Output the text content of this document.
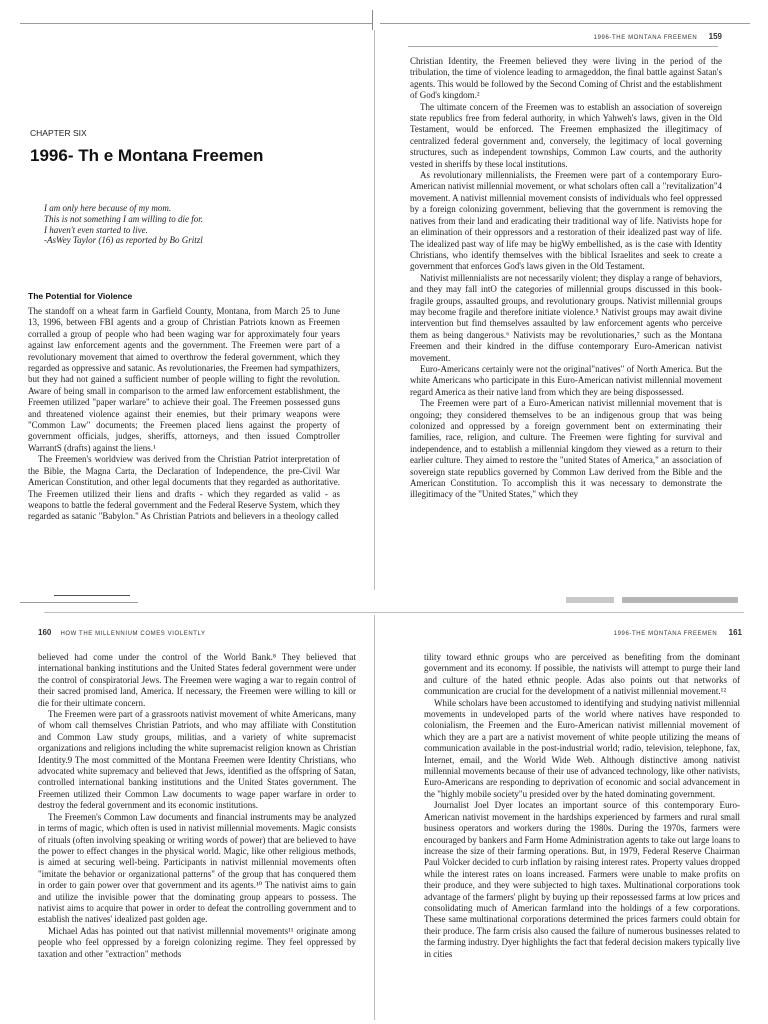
CHAPTER SIX
1996- Th e Montana Freemen
I am only here because of my mom.
This is not something I am willing to die for.
I haven't even started to live.
-AsWey Taylor (16) as reported by Bo Gritzl
The Potential for Violence

The standoff on a wheat farm in Garfield County, Montana, from March 25 to June 13, 1996, between FBI agents and a group of Christian Patriots known as Freemen corralled a group of people who had been waging war for approximately four years against law enforcement agents and the government. The Freemen were part of a revolutionary movement that aimed to overthrow the federal government, which they regarded as oppressive and satanic. As revolutionaries, the Freemen had sympathizers, but they had not gained a sufficient number of people willing to fight the revolution. Aware of being small in comparison to the armed law enforcement establishment, the Freemen utilized "paper warlare" to achieve their goal. The Freemen possessed guns and threatened violence against their enemies, but their primary weapons were "Common Law" documents; the Freemen placed liens against the property of government officials, judges, sheriffs, attorneys, and then issued Comptroller WarrantS (drafts) against the liens.¹

The Freemen's worldview was derived from the Christian Patriot interpretation of the Bible, the Magna Carta, the Declaration of Independence, the pre-Civil War American Constitution, and other legal documents that they regarded as authoritative. The Freemen utilized their liens and drafts - which they regarded as valid - as weapons to battle the federal government and the Federal Reserve System, which they regarded as satanic "Babylon." As Christian Patriots and believers in a theology called

1996-THE MONTANA FREEMEN 159

Christian Identity, the Freemen believed they were living in the period of the tribulation, the time of violence leading to armageddon, the final battle against Satan's agents. This would be followed by the Second Coming of Christ and the establishment of God's kingdom.²

The ultimate concern of the Freemen was to establish an association of sovereign state republics free from federal authority, in which Yahweh's laws, given in the Old Testament, would be enforced. The Freemen emphasized the illegitimacy of centralized federal government and, conversely, the legitimacy of local governing structures, such as independent townships, Common Law courts, and the authority vested in sheriffs by these local institutions.

As revolutionary millennialists, the Freemen were part of a contemporary Euro-American nativist millennial movement, or what scholars often call a "revitalization"4 movement. A nativist millennial movement consists of individuals who feel oppressed by a foreign colonizing government, believing that the government is removing the natives from their land and eradicating their traditional way of life. Nativists hope for an elimination of their oppressors and a restoration of their idealized past way of life. The idealized past way of life may be higWy embellished, as is the case with Identity Christians, who identify themselves with the biblical Israelites and seek to create a government that enforces God's laws given in the Old Testament.

Nativist millennialists are not necessarily violent; they display a range of behaviors, and they may fall intO the categories of millennial groups discussed in this book-fragile groups, assaulted groups, and revolutionary groups. Nativist millennial groups may become fragile and therefore initiate violence.⁵ Nativist groups may await divine intervention but find themselves assaulted by law enforcement agents who perceive them as being dangerous.⁶ Nativists may be revolutionaries,⁷ such as the Montana Freemen and their kindred in the diffuse contemporary Euro-American nativist movement.

Euro-Americans certainly were not the original"natives" of North America. But the white Americans who participate in this Euro-American nativist millennial movement regard America as their native land from which they are being dispossessed.

The Freemen were part of a Euro-American nativist millennial movement that is ongoing; they considered themselves to be an indigenous group that was being colonized and oppressed by a foreign government bent on exterminating their families, race, religion, and culture. The Freemen were fighting for survival and independence, and to establish a millennial kingdom they viewed as a return to their earlier culture. They aimed to restore the "united States of America," an association of sovereign state republics governed by Common Law derived from the Bible and the American Constitution. To accomplish this it was necessary to demonstrate the illegitimacy of the "United States," which they

160 HOW THE MILLENNIUM COMES VIOLENTLY

believed had come under the control of the World Bank.⁸ They believed that international banking institutions and the United States federal government were under the control of conspiratorial Jews. The Freemen were waging a war to regain control of their sacred promised land, America. If necessary, the Freemen were willing to kill or die for their ultimate concern.

The Freemen were part of a grassroots nativist movement of white Americans, many of whom call themselves Christian Patriots, and who may affiliate with Constitution and Common Law study groups, militias, and a variety of white supremacist organizations and religions including the white supremacist religion known as Christian Identity.9 The most committed of the Montana Freemen were Identity Christians, who advocated white supremacy and believed that Jews, identified as the offspring of Satan, controlled international banking institutions and the United States government. The Freemen utilized their Common Law documents to wage paper warfare in order to destroy the federal government and its economic institutions.

The Freemen's Common Law documents and financial instruments may be analyzed in terms of magic, which often is used in nativist millennial movements. Magic consists of rituals (often involving speaking or writing words of power) that are believed to have the power to effect changes in the physical world. Magic, like other religious methods, is aimed at securing well-being. Participants in nativist millennial movements often "imitate the behavior or organizational patterns" of the group that has conquered them in order to gain power over that government and its agents.¹⁰ The nativist aims to gain and utilize the invisible power that the dominating group appears to possess. The nativist aims to acquire that power in order to defeat the controlling government and to establish the natives' idealized past golden age.

Michael Adas has pointed out that nativist millennial movements¹¹ originate among people who feel oppressed by a foreign colonizing regime. They feel oppressed by taxation and other "extraction" methods

1996-THE MONTANA FREEMEN 161

tility toward ethnic groups who are perceived as benefiting from the dominant government and its economy. If possible, the nativists will attempt to purge their land and culture of the hated ethnic people. Adas also points out that networks of communication are crucial for the development of a nativist millennial movement.¹²

While scholars have been accustomed to identifying and studying nativist millennial movements in undeveloped parts of the world where natives have responded to colonialism, the Freemen and the Euro-American nativist millennial movement of which they are a part are a nativist movement of white people utilizing the means of communication available in the post-industrial world; radio, television, telephone, fax, Internet, email, and the World Wide Web. Although distinctive among nativist millennial movements because of their use of advanced technology, like other nativists, Euro-Americans are responding to deprivation of economic and social advancement in the "highly mobile society"u presided over by the hated dominating government.

Journalist Joel Dyer locates an important source of this contemporary Euro-American nativist movement in the hardships experienced by farmers and rural small business operators and workers during the 1980s. During the 1970s, farmers were encouraged by bankers and Farm Home Administration agents to take out large loans to increase the size of their farming operations. But, in 1979, Federal Reserve Chairman Paul Volcker decided to curb inflation by raising interest rates. Property values dropped while the interest rates on loans increased. Farmers were unable to make profits on their produce, and they were subjected to high taxes. Multinational corporations took advantage of the farmers' plight by buying up their repossessed farms at low prices and consolidating much of American farmland into the holdings of a few corporations. These same multinational corporations determined the prices farmers could obtain for their produce. The farm crisis also caused the failure of numerous businesses related to the farming industry. Dyer highlights the fact that federal decision makers typically live in cities
